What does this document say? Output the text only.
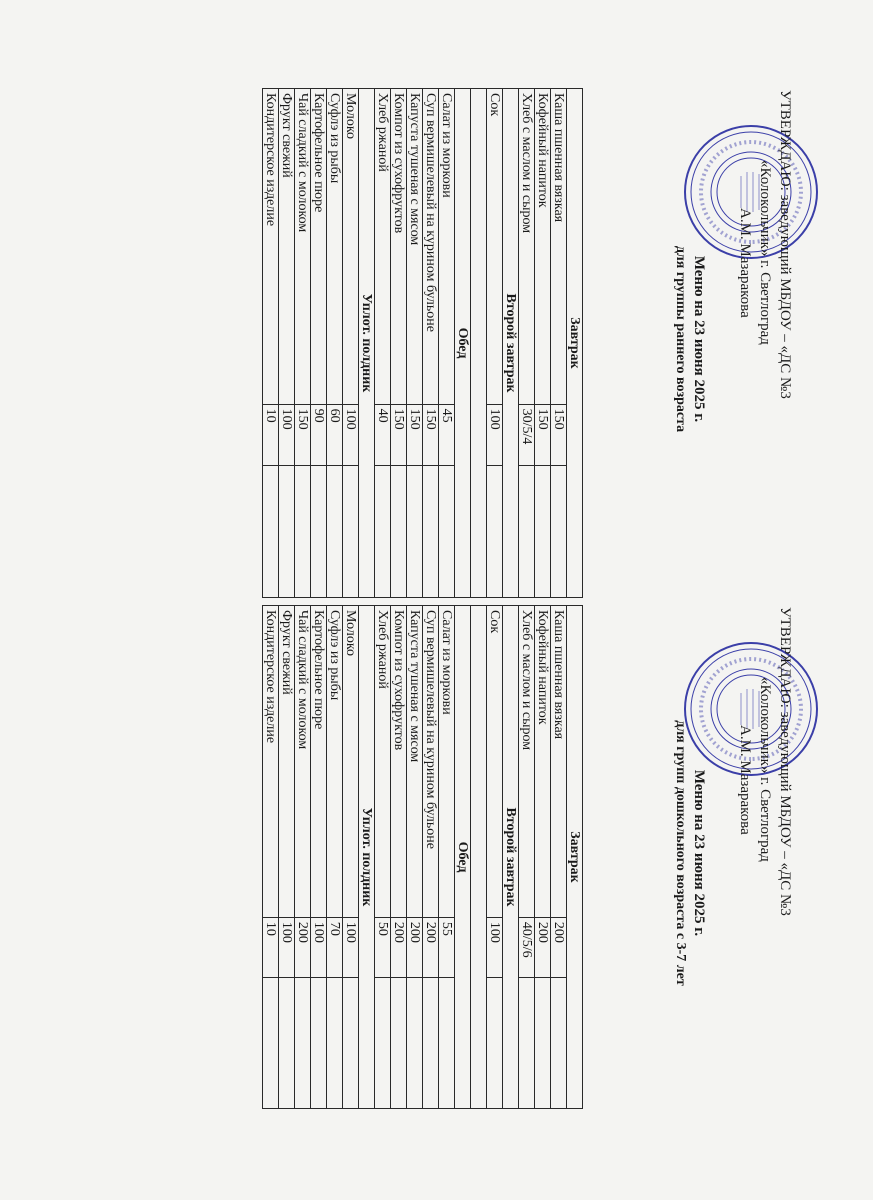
УТВЕРЖДАЮ: заведующий МБДОУ – «ДС №3
«Колокольчик» г. Светлоград
А.М. Мазаракова
Меню на 23 июня 2025 г.
для группы раннего возраста
Завтрак		
Каша пшенная вязкая	150	
Кофейный напиток	150	
Хлеб с маслом и сыром	30/5/4	
Второй завтрак		
Сок	100	

Обед		
Салат из моркови	45	
Суп вермишелевый на курином бульоне	150	
Капуста тушеная с мясом	150	
Компот из сухофруктов	150	
Хлеб ржаной	40	
Уплот. полдник		
Молоко	100	
Суфлэ из рыбы	60	
Картофельное пюре	90	
Чай сладкий с молоком	150	
Фрукт свежий	100	
Кондитерское изделие	10	
УТВЕРЖДАЮ: заведующий МБДОУ – «ДС №3
«Колокольчик» г. Светлоград
А.М. Мазаракова
Меню на 23 июня 2025 г.
для групп дошкольного возраста с 3-7 лет
Завтрак		
Каша пшенная вязкая	200	
Кофейный напиток	200	
Хлеб с маслом и сыром	40/5/6	
Второй завтрак		
Сок	100	

Обед		
Салат из моркови	55	
Суп вермишелевый на курином бульоне	200	
Капуста тушеная с мясом	200	
Компот из сухофруктов	200	
Хлеб ржаной	50	
Уплот. полдник		
Молоко	100	
Суфлэ из рыбы	70	
Картофельное пюре	100	
Чай сладкий с молоком	200	
Фрукт свежий	100	
Кондитерское изделие	10	
